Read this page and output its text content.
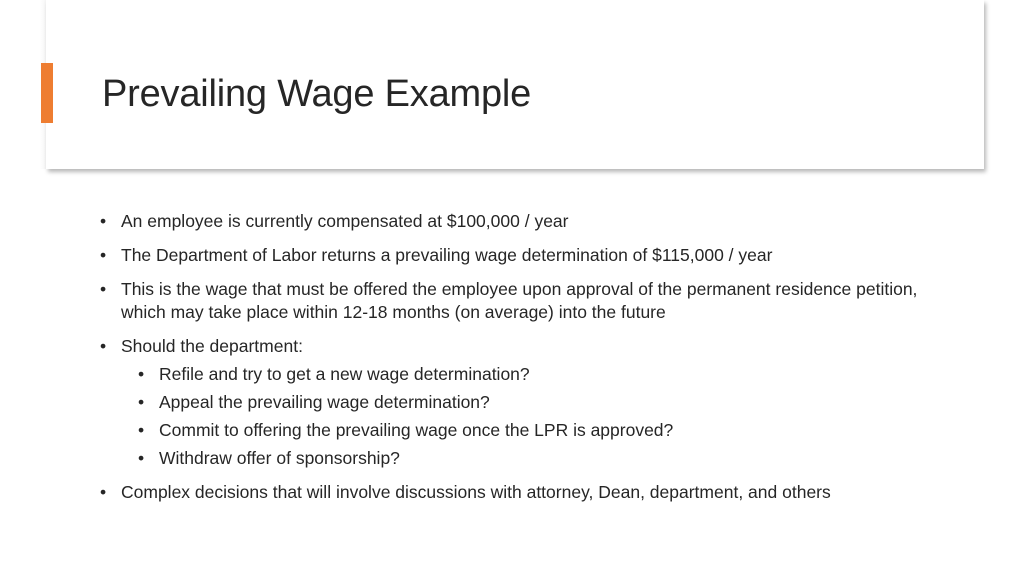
Prevailing Wage Example
• An employee is currently compensated at $100,000 / year
• The Department of Labor returns a prevailing wage determination of $115,000 / year
• This is the wage that must be offered the employee upon approval of the permanent residence petition, which may take place within 12-18 months (on average) into the future
• Should the department:
• Refile and try to get a new wage determination?
• Appeal the prevailing wage determination?
• Commit to offering the prevailing wage once the LPR is approved?
• Withdraw offer of sponsorship?
• Complex decisions that will involve discussions with attorney, Dean, department, and others
